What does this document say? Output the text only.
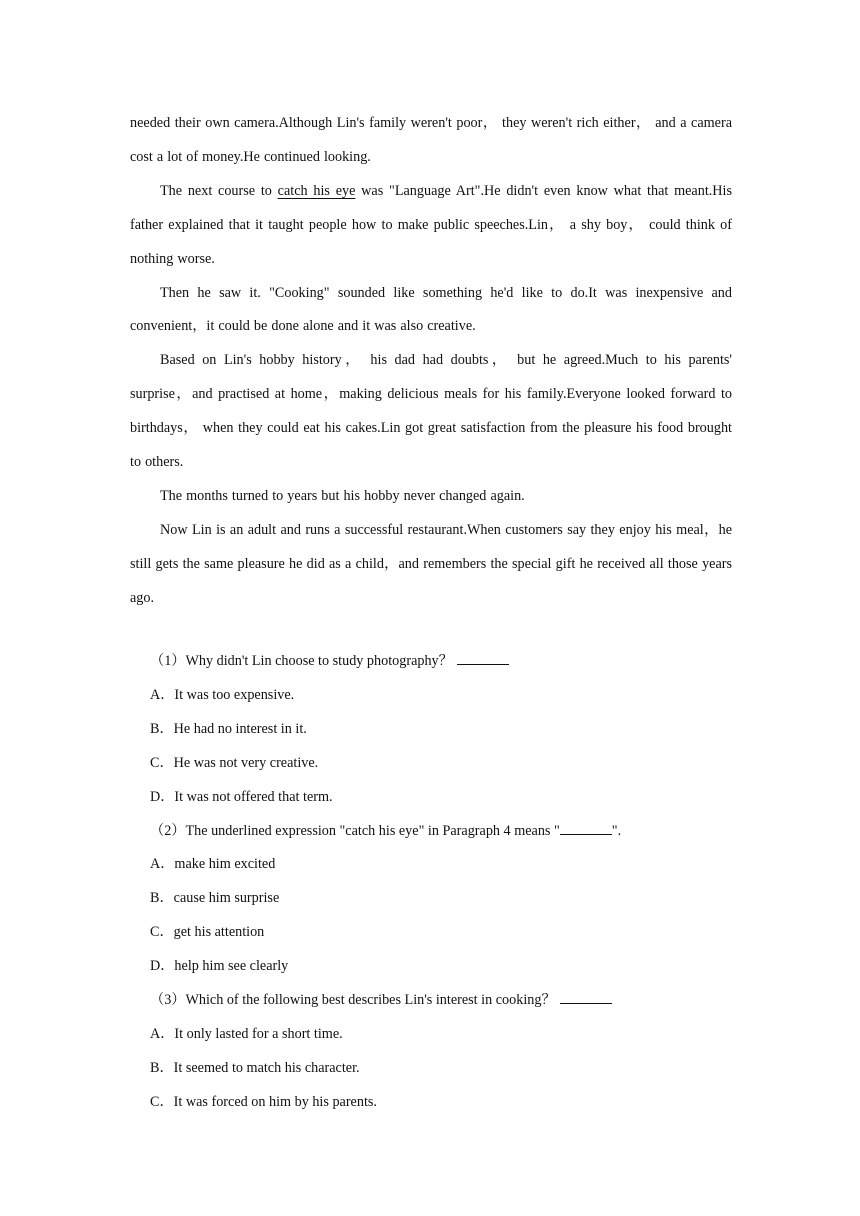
needed their own camera.Although Lin's family weren't poor， they weren't rich either， and a camera cost a lot of money.He continued looking.

The next course to catch his eye was "Language Art".He didn't even know what that meant.His father explained that it taught people how to make public speeches.Lin， a shy boy， could think of nothing worse.

Then he saw it. "Cooking" sounded like something he'd like to do.It was inexpensive and convenient，it could be done alone and it was also creative.

Based on Lin's hobby history， his dad had doubts， but he agreed.Much to his parents' surprise，and practised at home，making delicious meals for his family.Everyone looked forward to birthdays， when they could eat his cakes.Lin got great satisfaction from the pleasure his food brought to others.

The months turned to years but his hobby never changed again.

Now Lin is an adult and runs a successful restaurant.When customers say they enjoy his meal，he still gets the same pleasure he did as a child，and remembers the special gift he received all those years ago.

（1）Why didn't Lin choose to study photography？

A．It was too expensive.

B．He had no interest in it.

C．He was not very creative.

D．It was not offered that term.

（2）The underlined expression "catch his eye" in Paragraph 4 means "	".

A．make him excited

B．cause him surprise

C．get his attention

D．help him see clearly

（3）Which of the following best describes Lin's interest in cooking？

A．It only lasted for a short time.

B．It seemed to match his character.

C．It was forced on him by his parents.
